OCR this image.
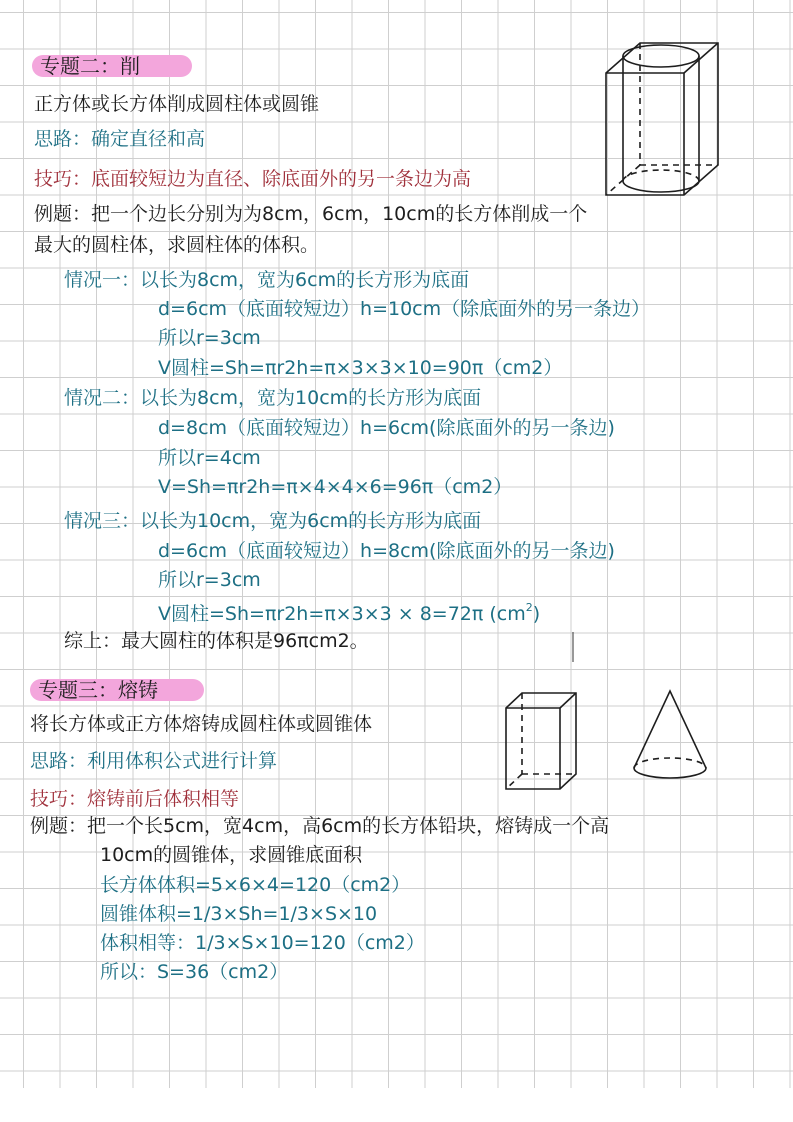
专题二：削
正方体或长方体削成圆柱体或圆锥
思路：确定直径和高
技巧：底面较短边为直径、除底面外的另一条边为高
例题：把一个边长分别为为8cm，6cm，10cm的长方体削成一个
最大的圆柱体，求圆柱体的体积。
情况一：以长为8cm，宽为6cm的长方形为底面
d=6cm（底面较短边）h=10cm（除底面外的另一条边）
所以r=3cm
V圆柱=Sh=πr2h=π×3×3×10=90π（cm2）
情况二：以长为8cm，宽为10cm的长方形为底面
d=8cm（底面较短边）h=6cm(除底面外的另一条边)
所以r=4cm
V=Sh=πr2h=π×4×4×6=96π（cm2）
情况三：以长为10cm，宽为6cm的长方形为底面
d=6cm（底面较短边）h=8cm(除底面外的另一条边)
所以r=3cm
V圆柱=Sh=πr2h=π×3×3 × 8=72π $(cm^2)$
综上：最大圆柱的体积是96πcm2。
专题三：熔铸
将长方体或正方体熔铸成圆柱体或圆锥体
思路：利用体积公式进行计算
技巧：熔铸前后体积相等
例题：把一个长5cm，宽4cm，高6cm的长方体铅块，熔铸成一个高
10cm的圆锥体，求圆锥底面积
长方体体积=5×6×4=120（cm2）
圆锥体积=1/3×Sh=1/3×S×10
体积相等：1/3×S×10=120（cm2）
所以：S=36（cm2）
